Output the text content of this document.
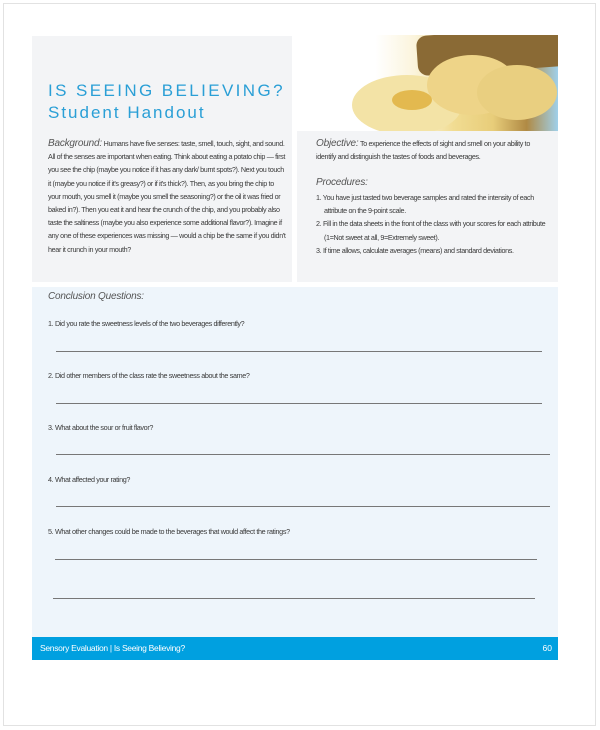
IS SEEING BELIEVING?
Student Handout
Background: Humans have five senses: taste, smell, touch, sight, and sound. All of the senses are important when eating. Think about eating a potato chip — first you see the chip (maybe you notice if it has any dark/ burnt spots?). Next you touch it (maybe you notice if it's greasy?) or if it's thick?). Then, as you bring the chip to your mouth, you smell it (maybe you smell the seasoning?) or the oil it was fried or baked in?). Then you eat it and hear the crunch of the chip, and you probably also taste the saltiness (maybe you also experience some additional flavor?). Imagine if any one of these experiences was missing — would a chip be the same if you didn't hear it crunch in your mouth?
Objective: To experience the effects of sight and smell on your ability to identify and distinguish the tastes of foods and beverages.
Procedures:
1. You have just tasted two beverage samples and rated the intensity of each attribute on the 9-point scale.
2. Fill in the data sheets in the front of the class with your scores for each attribute (1=Not sweet at all, 9=Extremely sweet).
3. If time allows, calculate averages (means) and standard deviations.
Conclusion Questions:
1. Did you rate the sweetness levels of the two beverages differently?
2. Did other members of the class rate the sweetness about the same?
3. What about the sour or fruit flavor?
4. What affected your rating?
5. What other changes could be made to the beverages that would affect the ratings?
Sensory Evaluation | Is Seeing Believing?	60
